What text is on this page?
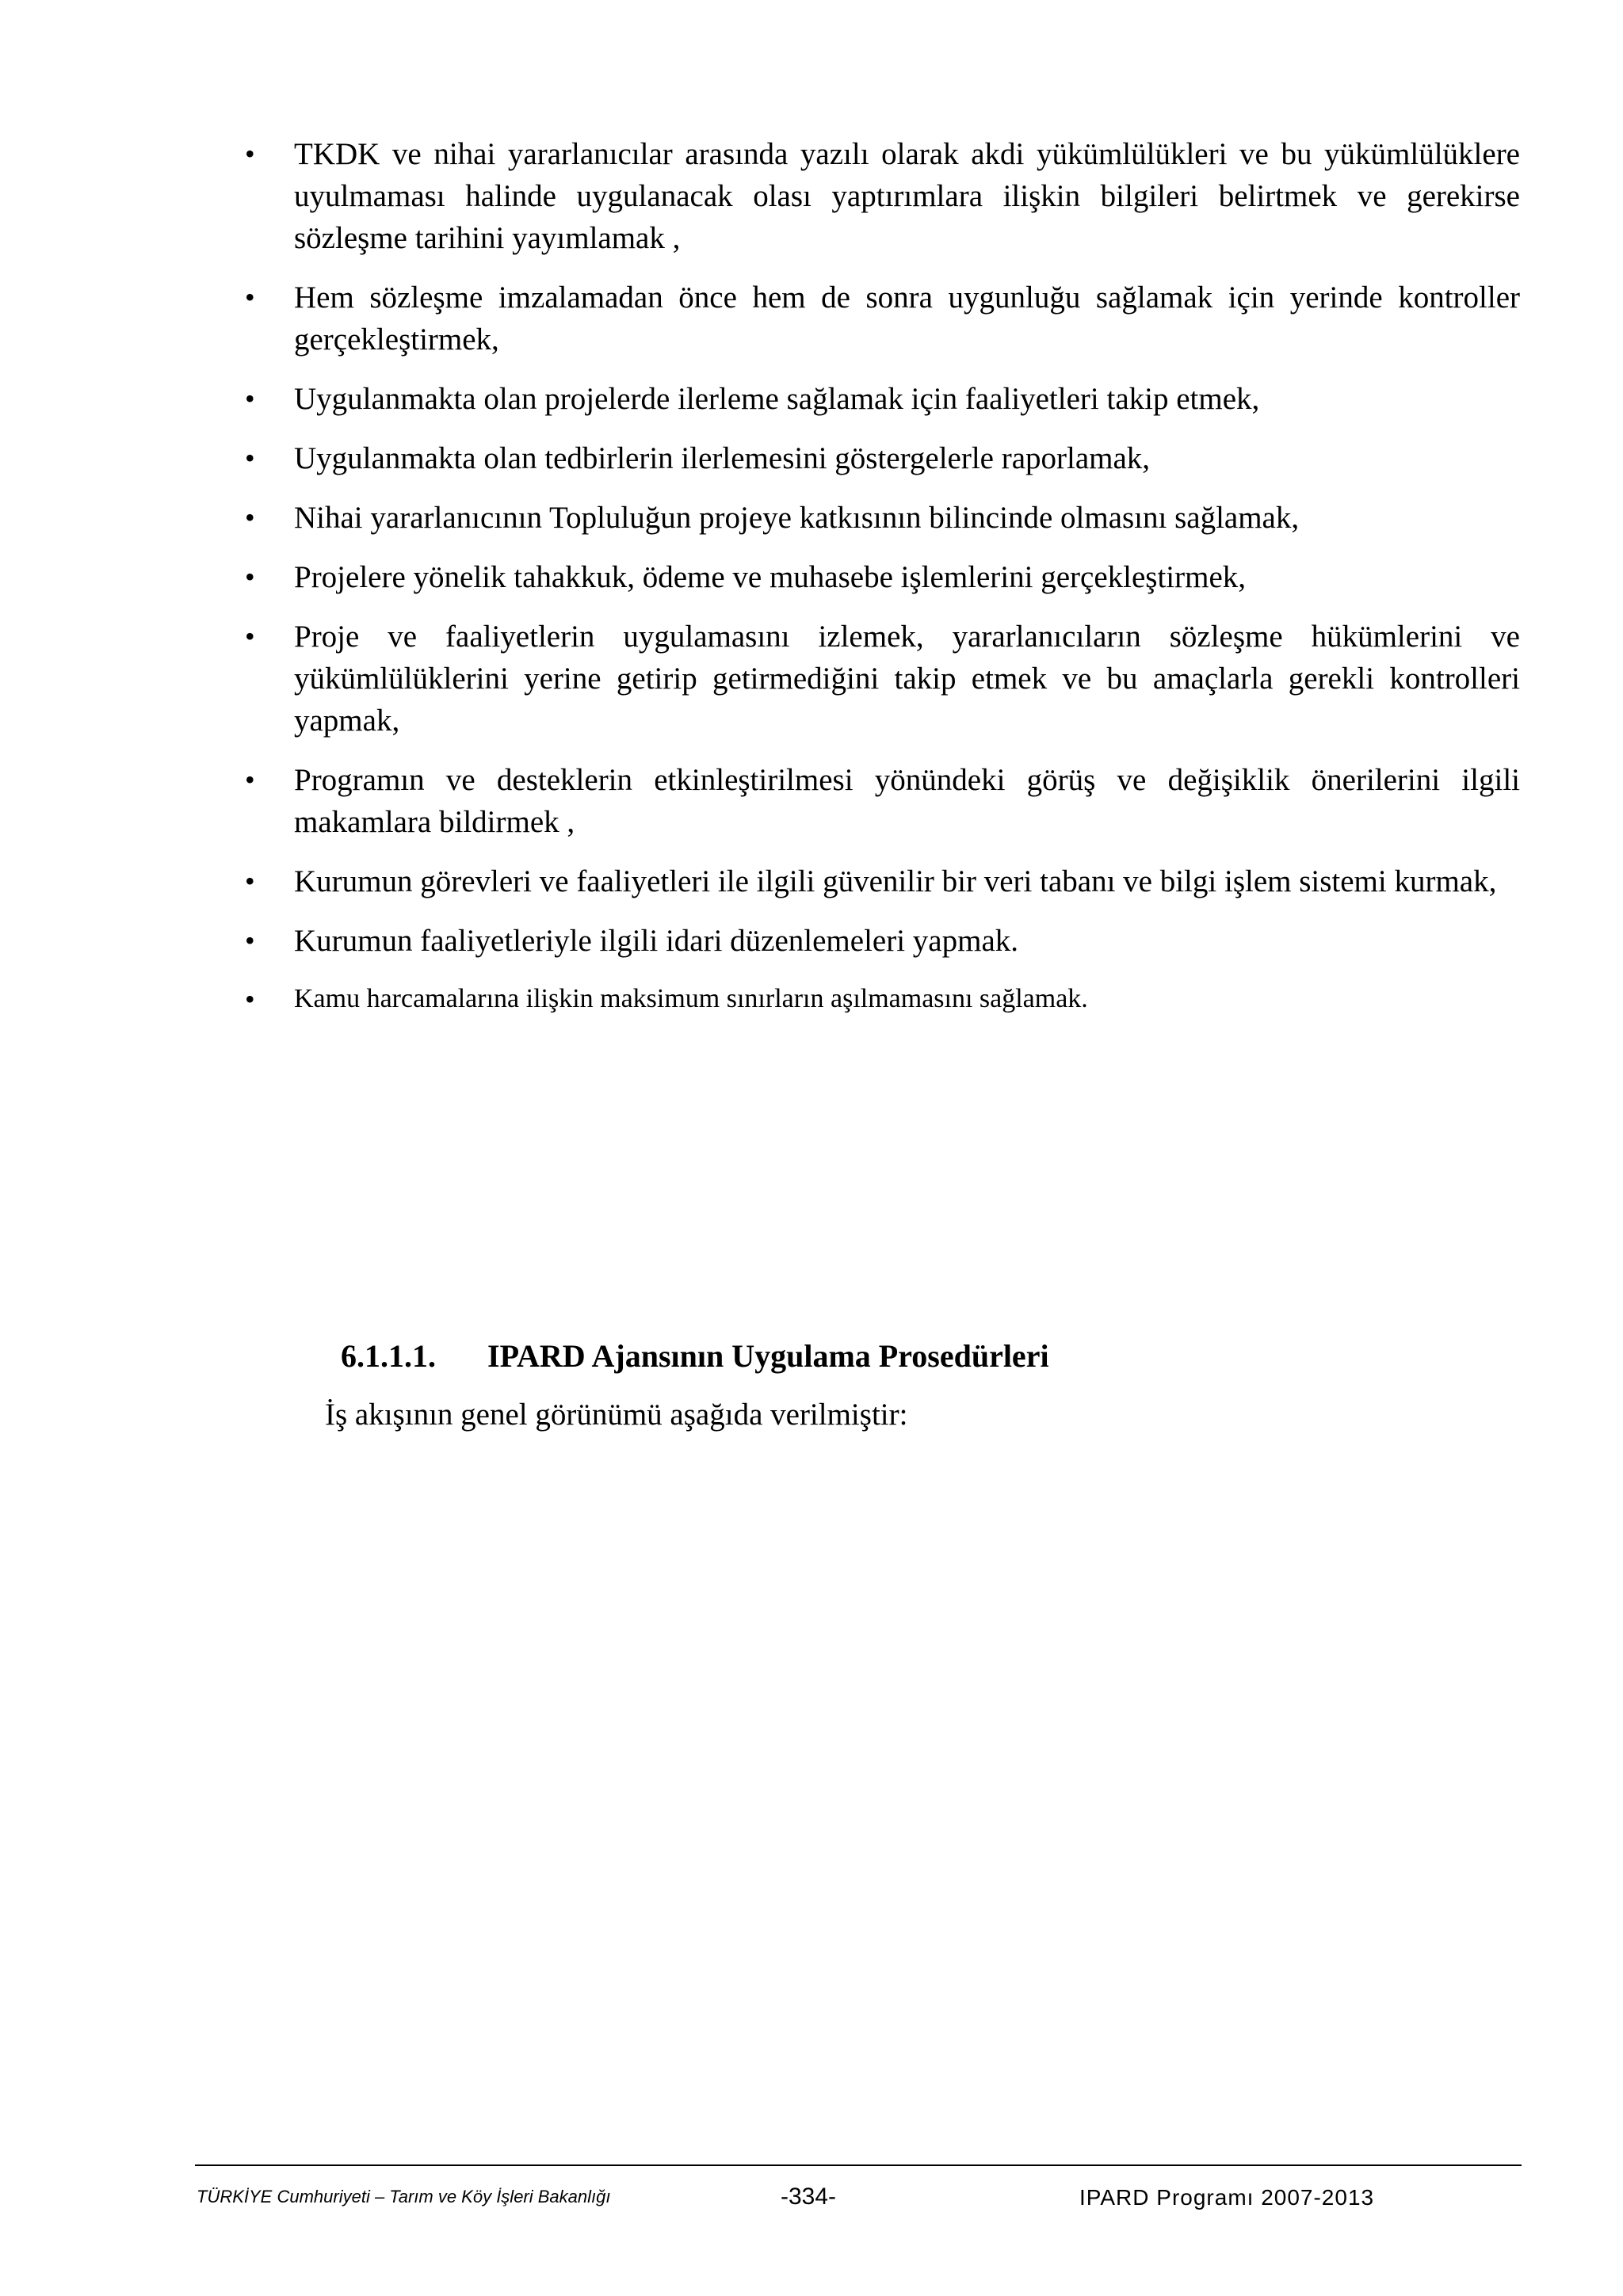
• TKDK ve nihai yararlanıcılar arasında yazılı olarak akdi yükümlülükleri ve bu yükümlülüklere uyulmaması halinde uygulanacak olası yaptırımlara ilişkin bilgileri belirtmek ve gerekirse sözleşme tarihini yayımlamak ,
• Hem sözleşme imzalamadan önce hem de sonra uygunluğu sağlamak için yerinde kontroller gerçekleştirmek,
• Uygulanmakta olan projelerde ilerleme sağlamak için faaliyetleri takip etmek,
• Uygulanmakta olan tedbirlerin ilerlemesini göstergelerle raporlamak,
• Nihai yararlanıcının Topluluğun projeye katkısının bilincinde olmasını sağlamak,
• Projelere yönelik tahakkuk, ödeme ve muhasebe işlemlerini gerçekleştirmek,
• Proje ve faaliyetlerin uygulamasını izlemek, yararlanıcıların sözleşme hükümlerini ve yükümlülüklerini yerine getirip getirmediğini takip etmek ve bu amaçlarla gerekli kontrolleri yapmak,
• Programın ve desteklerin etkinleştirilmesi yönündeki görüş ve değişiklik önerilerini ilgili makamlara bildirmek ,
• Kurumun görevleri ve faaliyetleri ile ilgili güvenilir bir veri tabanı ve bilgi işlem sistemi kurmak,
• Kurumun faaliyetleriyle ilgili idari düzenlemeleri yapmak.
• Kamu harcamalarına ilişkin maksimum sınırların aşılmamasını sağlamak.
6.1.1.1. IPARD Ajansının Uygulama Prosedürleri
İş akışının genel görünümü aşağıda verilmiştir:
TÜRKİYE Cumhuriyeti – Tarım ve Köy İşleri Bakanlığı	-334-	IPARD Programı 2007-2013
